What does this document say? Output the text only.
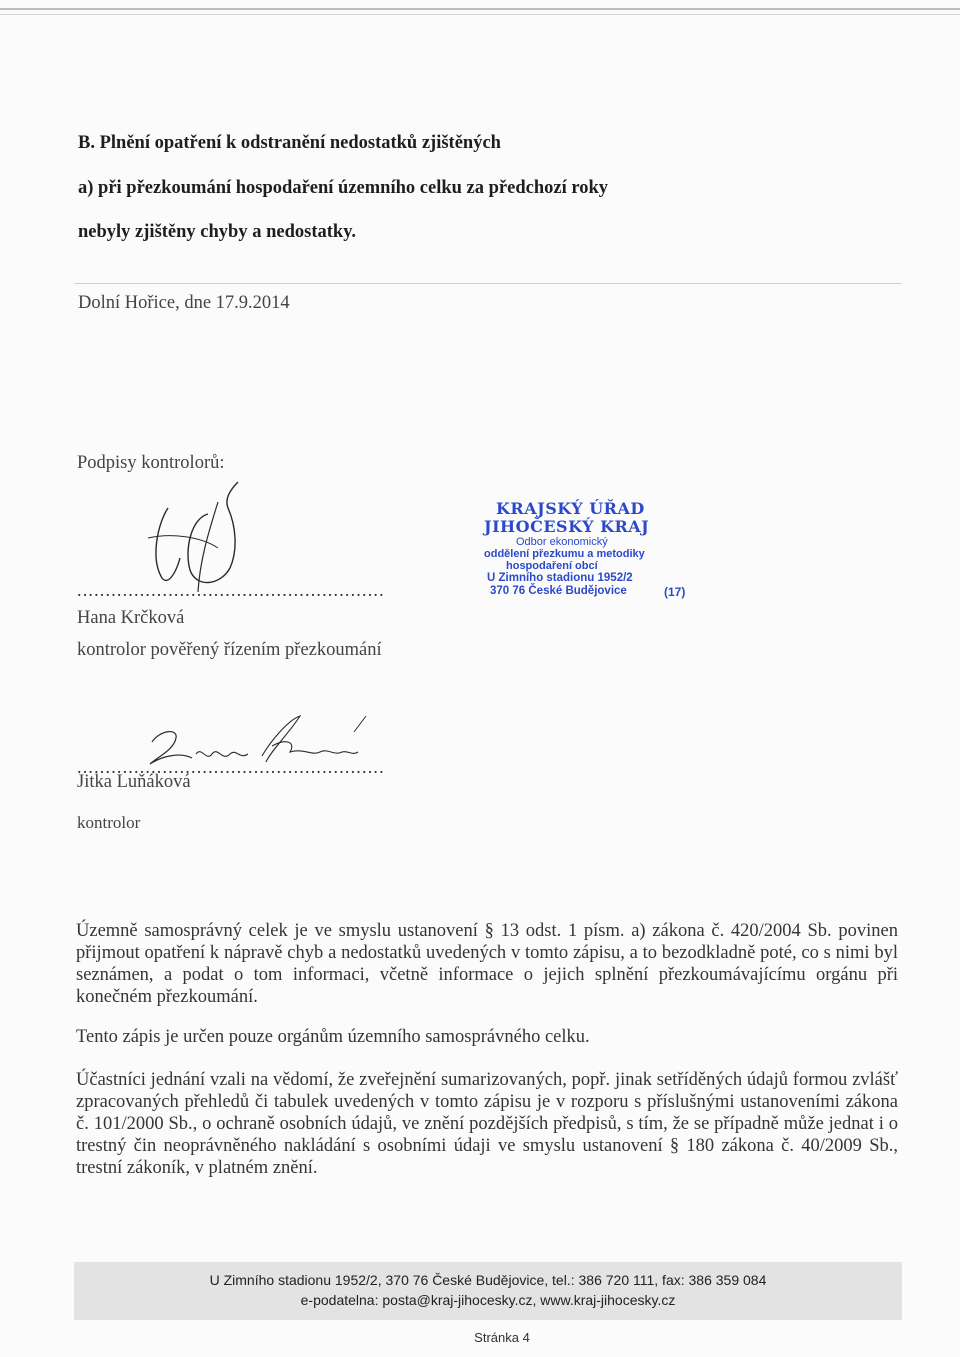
B. Plnění opatření k odstranění nedostatků zjištěných
a) při přezkoumání hospodaření územního celku za předchozí roky
nebyly zjištěny chyby a nedostatky.
Dolní Hořice, dne 17.9.2014
Podpisy kontrolorů:
......................................................
Hana Krčková
kontrolor pověřený řízením přezkoumání
KRAJSKÝ ÚŘAD
JIHOČESKÝ KRAJ
Odbor ekonomický
oddělení přezkumu a metodiky
hospodaření obcí
U Zimního stadionu 1952/2
370 76 České Budějovice	(17)
......................................................
Jitka Luňáková
kontrolor
Územně samosprávný celek je ve smyslu ustanovení § 13 odst. 1 písm. a) zákona č. 420/2004 Sb. povinen přijmout opatření k nápravě chyb a nedostatků uvedených v tomto zápisu, a to bezodkladně poté, co s nimi byl seznámen, a podat o tom informaci, včetně informace o jejich splnění přezkoumávajícímu orgánu při konečném přezkoumání.
Tento zápis je určen pouze orgánům územního samosprávného celku.
Účastníci jednání vzali na vědomí, že zveřejnění sumarizovaných, popř. jinak setříděných údajů formou zvlášť zpracovaných přehledů či tabulek uvedených v tomto zápisu je v rozporu s příslušnými ustanoveními zákona č. 101/2000 Sb., o ochraně osobních údajů, ve znění pozdějších předpisů, s tím, že se případně může jednat i o trestný čin neoprávněného nakládání s osobními údaji ve smyslu ustanovení § 180 zákona č. 40/2009 Sb., trestní zákoník, v platném znění.
U Zimního stadionu 1952/2, 370 76 České Budějovice, tel.: 386 720 111, fax: 386 359 084
e-podatelna: posta@kraj-jihocesky.cz, www.kraj-jihocesky.cz
Stránka 4
